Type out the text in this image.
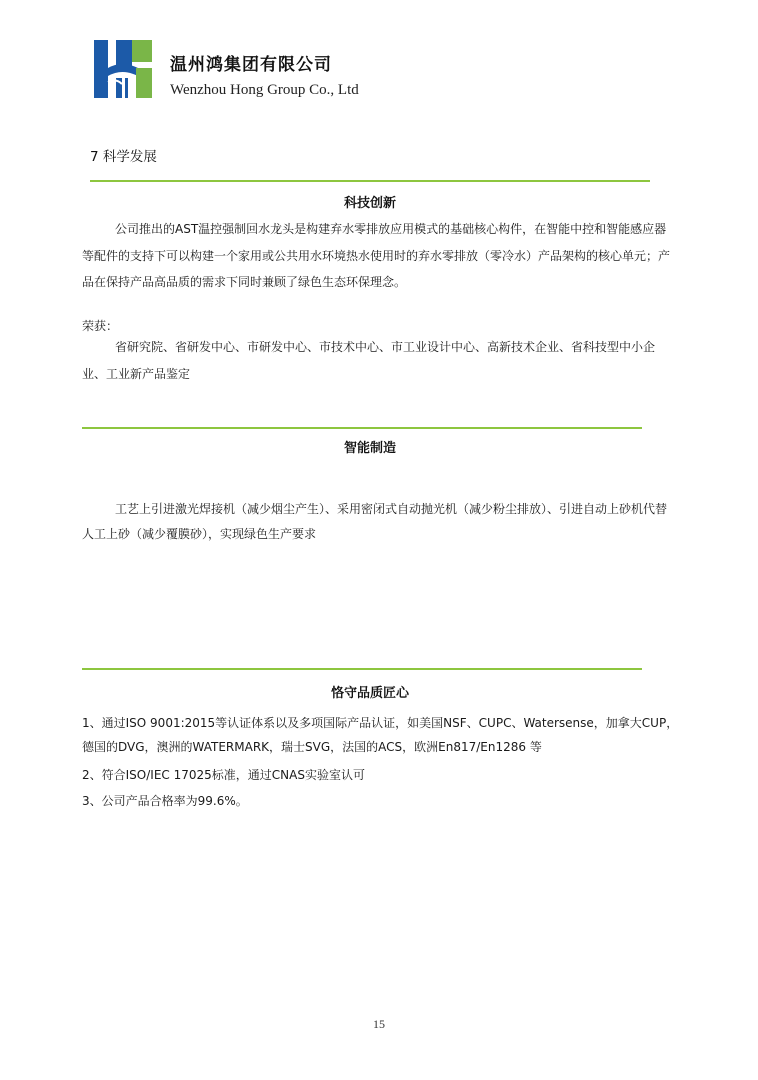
温州鸿集团有限公司
Wenzhou Hong Group Co., Ltd
7 科学发展
科技创新
公司推出的AST温控强制回水龙头是构建弃水零排放应用模式的基础核心构件，在智能中控和智能感应器等配件的支持下可以构建一个家用或公共用水环境热水使用时的弃水零排放（零冷水）产品架构的核心单元；产品在保持产品高品质的需求下同时兼顾了绿色生态环保理念。
荣获：
省研究院、省研发中心、市研发中心、市技术中心、市工业设计中心、高新技术企业、省科技型中小企业、工业新产品鉴定
智能制造
工艺上引进激光焊接机（减少烟尘产生）、采用密闭式自动抛光机（减少粉尘排放）、引进自动上砂机代替人工上砂（减少覆膜砂），实现绿色生产要求
恪守品质匠心
1、通过ISO 9001:2015等认证体系以及多项国际产品认证，如美国NSF、CUPC、Watersense，加拿大CUP，德国的DVG，澳洲的WATERMARK，瑞士SVG，法国的ACS，欧洲En817/En1286 等
2、符合ISO/IEC 17025标准，通过CNAS实验室认可
3、公司产品合格率为99.6%。
15
